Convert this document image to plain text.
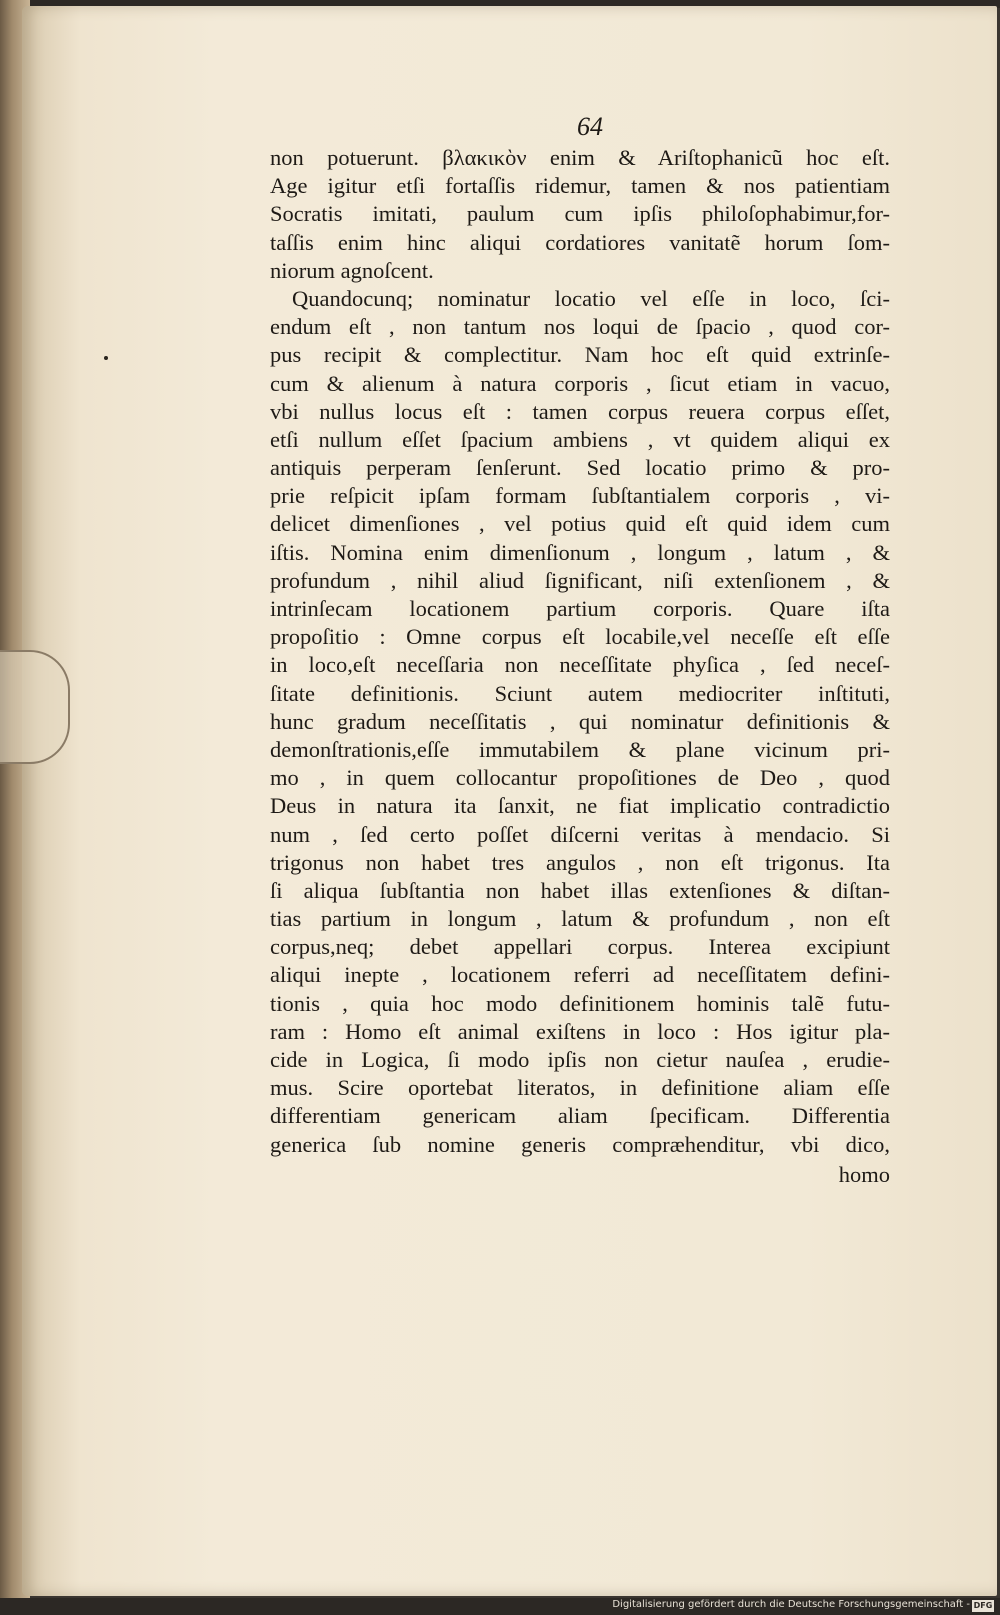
64
non potuerunt. βλακικὸν enim & Ariſtophanicũ hoc eſt.
Age igitur etſi fortaſſis ridemur, tamen & nos patientiam
Socratis imitati, paulum cum ipſis philoſophabimur,for-
taſſis enim hinc aliqui cordatiores vanitatẽ horum ſom-
niorum agnoſcent.
Quandocunq; nominatur locatio vel eſſe in loco, ſci-
endum eſt , non tantum nos loqui de ſpacio , quod cor-
pus recipit & complectitur. Nam hoc eſt quid extrinſe-
cum & alienum à natura corporis , ſicut etiam in vacuo,
vbi nullus locus eſt : tamen corpus reuera corpus eſſet,
etſi nullum eſſet ſpacium ambiens , vt quidem aliqui ex
antiquis perperam ſenſerunt. Sed locatio primo & pro-
prie reſpicit ipſam formam ſubſtantialem corporis , vi-
delicet dimenſiones , vel potius quid eſt quid idem cum
iſtis. Nomina enim dimenſionum , longum , latum , &
profundum , nihil aliud ſignificant, niſi extenſionem , &
intrinſecam locationem partium corporis. Quare iſta
propoſitio : Omne corpus eſt locabile,vel neceſſe eſt eſſe
in loco,eſt neceſſaria non neceſſitate phyſica , ſed neceſ-
ſitate definitionis. Sciunt autem mediocriter inſtituti,
hunc gradum neceſſitatis , qui nominatur definitionis &
demonſtrationis,eſſe immutabilem & plane vicinum pri-
mo , in quem collocantur propoſitiones de Deo , quod
Deus in natura ita ſanxit, ne fiat implicatio contradictio
num , ſed certo poſſet diſcerni veritas à mendacio. Si
trigonus non habet tres angulos , non eſt trigonus. Ita
ſi aliqua ſubſtantia non habet illas extenſiones & diſtan-
tias partium in longum , latum & profundum , non eſt
corpus,neq; debet appellari corpus. Interea excipiunt
aliqui inepte , locationem referri ad neceſſitatem defini-
tionis , quia hoc modo definitionem hominis talẽ futu-
ram : Homo eſt animal exiſtens in loco : Hos igitur pla-
cide in Logica, ſi modo ipſis non cietur nauſea , erudie-
mus. Scire oportebat literatos, in definitione aliam eſſe
differentiam genericam aliam ſpecificam. Differentia
generica ſub nomine generis compræhenditur, vbi dico,
homo
Digitalisierung gefördert durch die Deutsche Forschungsgemeinschaft - DFG
